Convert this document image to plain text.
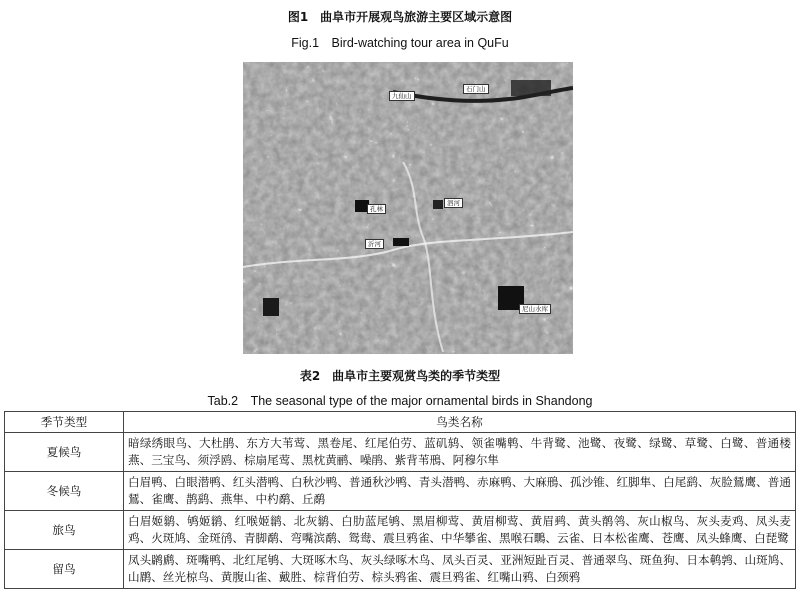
图1　曲阜市开展观鸟旅游主要区域示意图
Fig.1　Bird-watching tour area in QuFu
九仙山
石门山
孔林
泗河
沂河
尼山水库
表2　曲阜市主要观赏鸟类的季节类型
Tab.2　The seasonal type of the major ornamental birds in Shandong
季节类型	鸟类名称
夏候鸟	暗绿绣眼鸟、大杜鹃、东方大苇莺、黑卷尾、红尾伯劳、蓝矶鸫、领雀嘴鹎、牛背鹭、池鹭、夜鹭、绿鹭、草鹭、白鹭、普通楼燕、三宝鸟、须浮鸥、棕扇尾莺、黑枕黄鹂、噪鹃、紫背苇鳽、阿穆尔隼
冬候鸟	白眉鸭、白眼潜鸭、红头潜鸭、白秋沙鸭、普通秋沙鸭、青头潜鸭、赤麻鸭、大麻鳽、孤沙锥、红脚隼、白尾鹞、灰脸鵟鹰、普通鵟、雀鹰、鹊鹞、燕隼、中杓鹬、丘鹬
旅鸟	白眉姬鹟、鸲姬鹟、红喉姬鹟、北灰鹟、白肋蓝尾鸲、黑眉柳莺、黄眉柳莺、黄眉鹀、黄头鹡鸰、灰山椒鸟、灰头麦鸡、凤头麦鸡、火斑鸠、金斑鸻、青脚鹬、弯嘴滨鹬、鸳鸯、震旦鸦雀、中华攀雀、黑喉石䳭、云雀、日本松雀鹰、苍鹰、凤头蜂鹰、白琵鹭
留鸟	凤头䴙䴘、斑嘴鸭、北红尾鸲、大斑啄木鸟、灰头绿啄木鸟、凤头百灵、亚洲短趾百灵、普通翠鸟、斑鱼狗、日本鹌鹑、山斑鸠、山鹛、丝光椋鸟、黄腹山雀、戴胜、棕背伯劳、棕头鸦雀、震旦鸦雀、红嘴山鸦、白颈鸦
